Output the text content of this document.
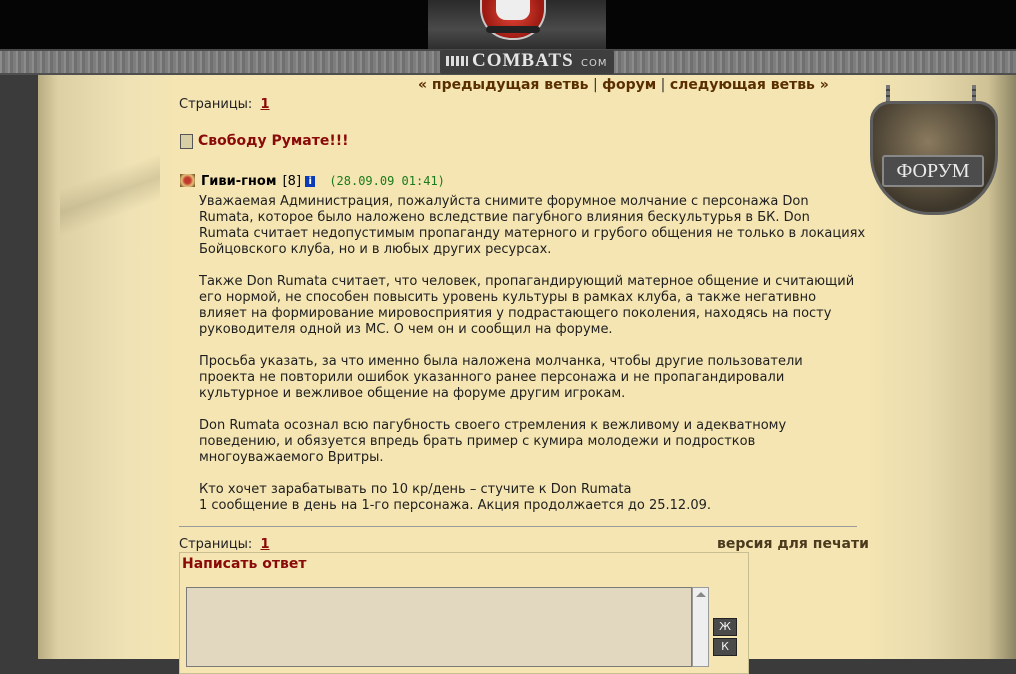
COMBATS COM
ФОРУМ
« предыдущая ветвь | форум | следующая ветвь »
Страницы: 1
Свободу Румате!!!
Гиви-гном [8] i (28.09.09 01:41)

Уважаемая Администрация, пожалуйста снимите форумное молчание с персонажа Don

Rumata, которое было наложено вследствие пагубного влияния бескультурья в БК. Don

Rumata считает недопустимым пропаганду матерного и грубого общения не только в локациях

Бойцовского клуба, но и в любых других ресурсах.

Также Don Rumata считает, что человек, пропагандирующий матерное общение и считающий

его нормой, не способен повысить уровень культуры в рамках клуба, а также негативно

влияет на формирование мировосприятия у подрастающего поколения, находясь на посту

руководителя одной из МС. О чем он и сообщил на форуме.

Просьба указать, за что именно была наложена молчанка, чтобы другие пользователи

проекта не повторили ошибок указанного ранее персонажа и не пропагандировали

культурное и вежливое общение на форуме другим игрокам.

Don Rumata осознал всю пагубность своего стремления к вежливому и адекватному

поведению, и обязуется впредь брать пример с кумира молодежи и подростков

многоуважаемого Вритры.

Кто хочет зарабатывать по 10 кр/день – стучите к Don Rumata

1 сообщение в день на 1-го персонажа. Акция продолжается до 25.12.09.

Страницы: 1	версия для печати
Написать ответ
Ж
К
